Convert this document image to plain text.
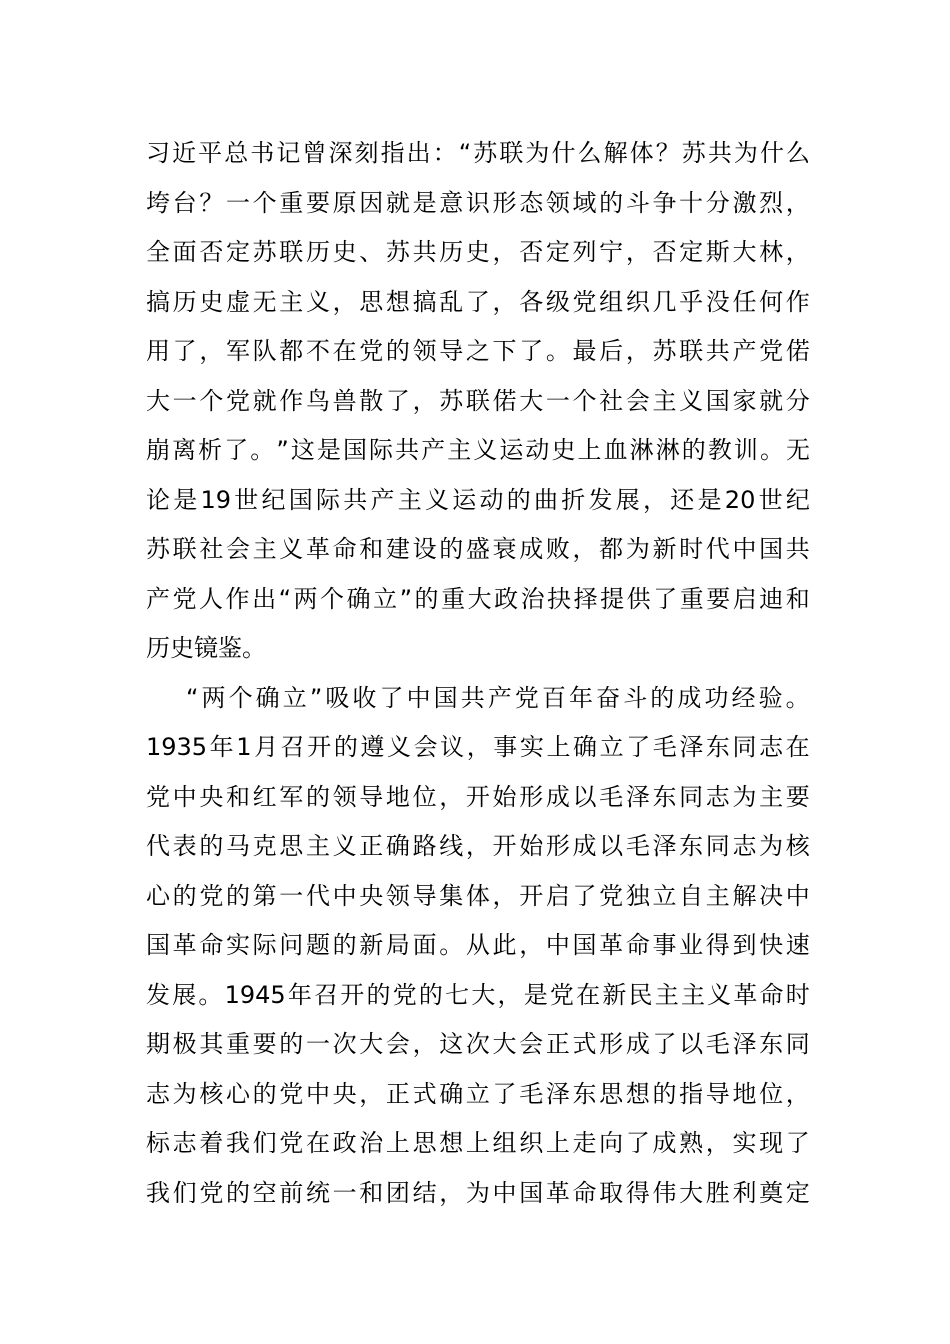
习 近 平 总 书 记 曾 深 刻 指 出 ： “ 苏 联 为 什 么 解 体 ？ 苏 共 为 什 么
垮 台 ？ 一 个 重 要 原 因 就 是 意 识 形 态 领 域 的 斗 争 十 分 激 烈 ，
全 面 否 定 苏 联 历 史 、 苏 共 历 史 ， 否 定 列 宁 ， 否 定 斯 大 林 ，
搞 历 史 虚 无 主 义 ， 思 想 搞 乱 了 ， 各 级 党 组 织 几 乎 没 任 何 作
用 了 ， 军 队 都 不 在 党 的 领 导 之 下 了 。 最 后 ， 苏 联 共 产 党 偌
大 一 个 党 就 作 鸟 兽 散 了 ， 苏 联 偌 大 一 个 社 会 主 义 国 家 就 分
崩 离 析 了 。 ” 这 是 国 际 共 产 主 义 运 动 史 上 血 淋 淋 的 教 训 。 无
论 是 19 世 纪 国 际 共 产 主 义 运 动 的 曲 折 发 展 ， 还 是 20 世 纪
苏 联 社 会 主 义 革 命 和 建 设 的 盛 衰 成 败 ， 都 为 新 时 代 中 国 共
产 党 人 作 出 “ 两 个 确 立 ” 的 重 大 政 治 抉 择 提 供 了 重 要 启 迪 和
历 史 镜 鉴 。
“ 两 个 确 立 ” 吸 收 了 中 国 共 产 党 百 年 奋 斗 的 成 功 经 验 。
1935 年 1 月 召 开 的 遵 义 会 议 ， 事 实 上 确 立 了 毛 泽 东 同 志 在
党 中 央 和 红 军 的 领 导 地 位 ， 开 始 形 成 以 毛 泽 东 同 志 为 主 要
代 表 的 马 克 思 主 义 正 确 路 线 ， 开 始 形 成 以 毛 泽 东 同 志 为 核
心 的 党 的 第 一 代 中 央 领 导 集 体 ， 开 启 了 党 独 立 自 主 解 决 中
国 革 命 实 际 问 题 的 新 局 面 。 从 此 ， 中 国 革 命 事 业 得 到 快 速
发 展 。 1945 年 召 开 的 党 的 七 大 ， 是 党 在 新 民 主 主 义 革 命 时
期 极 其 重 要 的 一 次 大 会 ， 这 次 大 会 正 式 形 成 了 以 毛 泽 东 同
志 为 核 心 的 党 中 央 ， 正 式 确 立 了 毛 泽 东 思 想 的 指 导 地 位 ，
标 志 着 我 们 党 在 政 治 上 思 想 上 组 织 上 走 向 了 成 熟 ， 实 现 了
我 们 党 的 空 前 统 一 和 团 结 ， 为 中 国 革 命 取 得 伟 大 胜 利 奠 定
